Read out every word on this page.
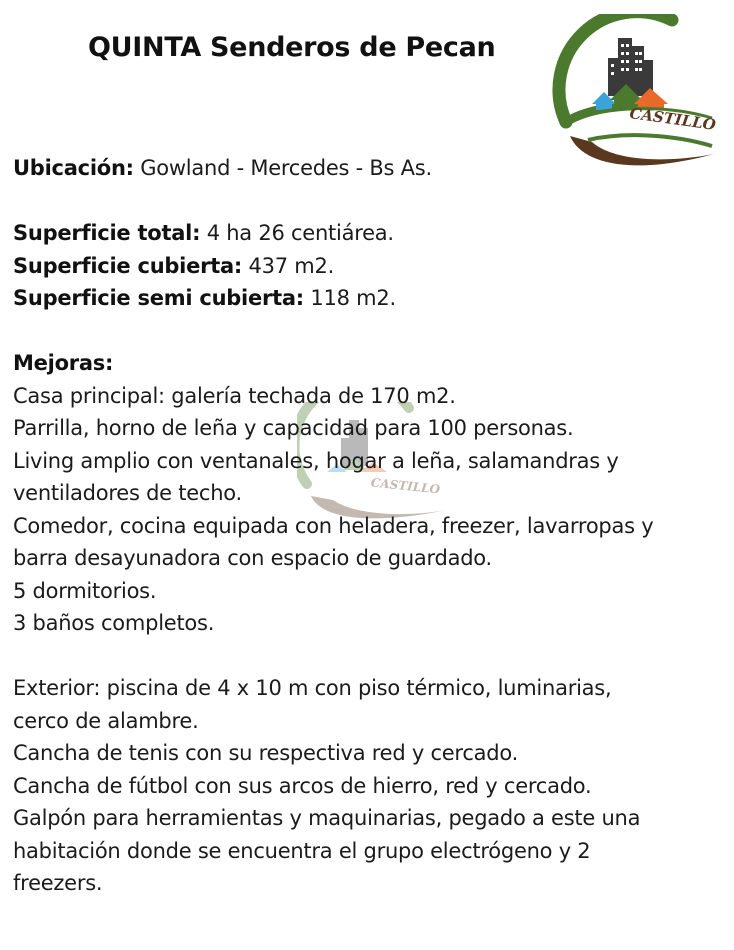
QUINTA Senderos de Pecan
CASTILLO
CASTILLO

Ubicación: Gowland - Mercedes - Bs As.

Superficie total: 4 ha 26 centiárea.

Superficie cubierta: 437 m2.

Superficie semi cubierta: 118 m2.

Mejoras:

Casa principal: galería techada de 170 m2.

Parrilla, horno de leña y capacidad para 100 personas.

Living amplio con ventanales, hogar a leña, salamandras y

ventiladores de techo.

Comedor, cocina equipada con heladera, freezer, lavarropas y

barra desayunadora con espacio de guardado.

5 dormitorios.

3 baños completos.

Exterior: piscina de 4 x 10 m con piso térmico, luminarias,

cerco de alambre.

Cancha de tenis con su respectiva red y cercado.

Cancha de fútbol con sus arcos de hierro, red y cercado.

Galpón para herramientas y maquinarias, pegado a este una

habitación donde se encuentra el grupo electrógeno y 2

freezers.
